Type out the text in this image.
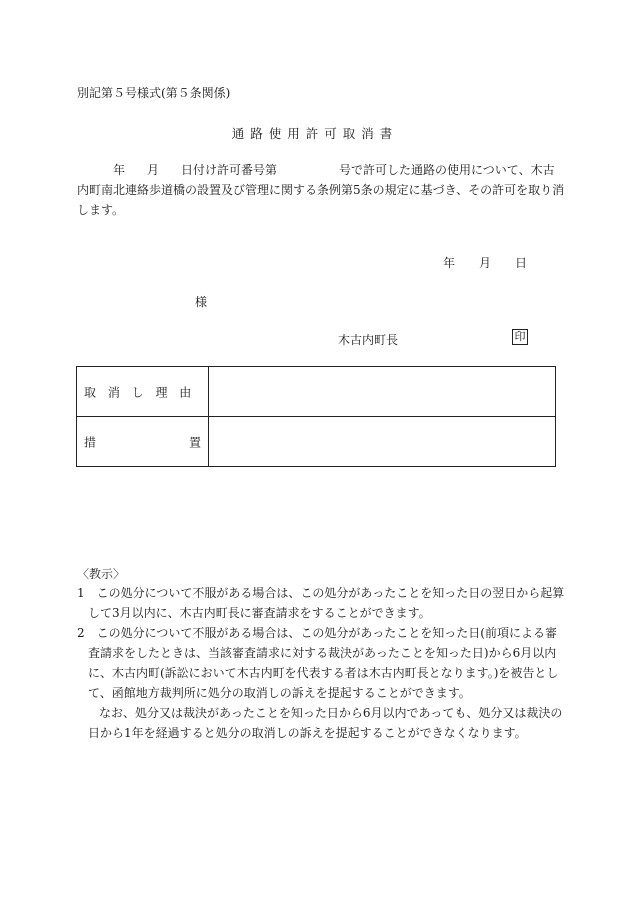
別記第５号様式(第５条関係)
通路使用許可取消書
年 月 日付け許可番号第	号で許可した通路の使用について、木古
内町南北連絡歩道橋の設置及び管理に関する条例第5条の規定に基づき、その許可を取り消
します。
年 月 日
様
木古内町長	印
取 消 し 理 由
措	置
〈教示〉
1　この処分について不服がある場合は、この処分があったことを知った日の翌日から起算
して3月以内に、木古内町長に審査請求をすることができます。
2　この処分について不服がある場合は、この処分があったことを知った日(前項による審
査請求をしたときは、当該審査請求に対する裁決があったことを知った日)から6月以内
に、木古内町(訴訟において木古内町を代表する者は木古内町長となります。)を被告とし
て、函館地方裁判所に処分の取消しの訴えを提起することができます。
なお、処分又は裁決があったことを知った日から6月以内であっても、処分又は裁決の
日から1年を経過すると処分の取消しの訴えを提起することができなくなります。
